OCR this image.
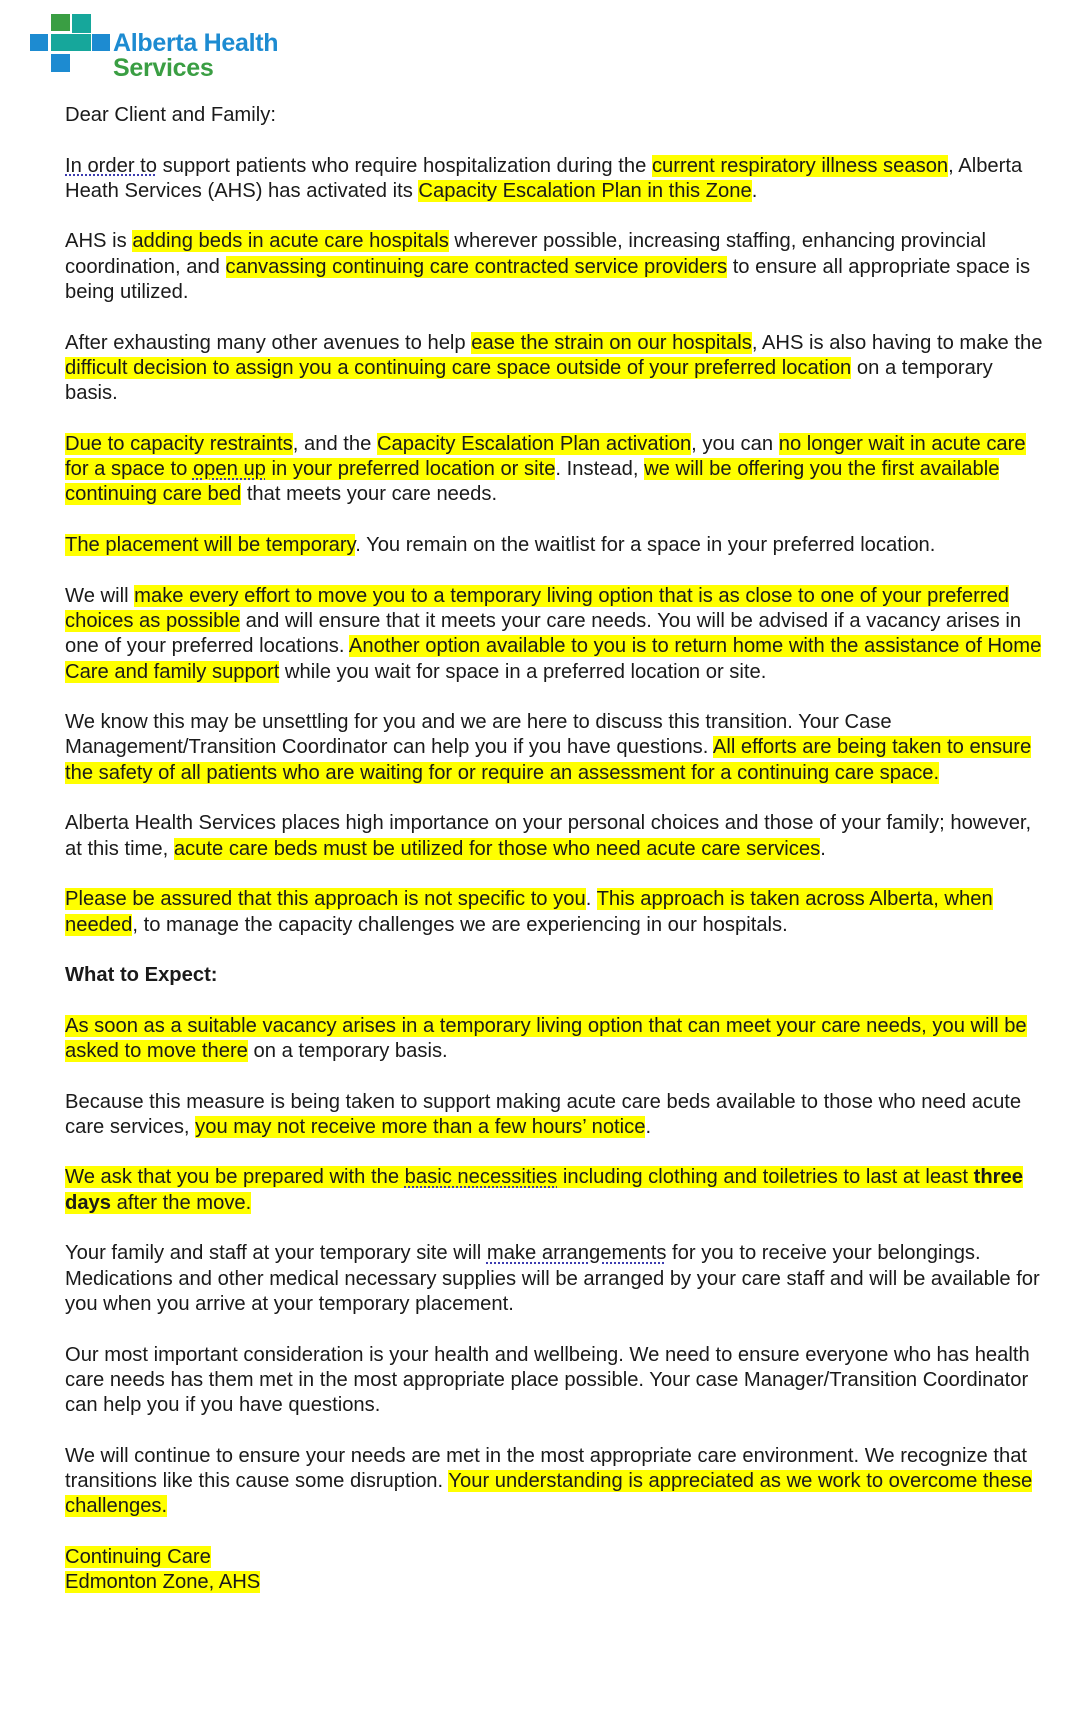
Alberta Health
Services

Dear Client and Family:

In order to support patients who require hospitalization during the current respiratory illness season, Alberta Heath Services (AHS) has activated its Capacity Escalation Plan in this Zone.

AHS is adding beds in acute care hospitals wherever possible, increasing staffing, enhancing provincial coordination, and canvassing continuing care contracted service providers to ensure all appropriate space is being utilized.

After exhausting many other avenues to help ease the strain on our hospitals, AHS is also having to make the difficult decision to assign you a continuing care space outside of your preferred location on a temporary basis.

Due to capacity restraints, and the Capacity Escalation Plan activation, you can no longer wait in acute care for a space to open up in your preferred location or site. Instead, we will be offering you the first available continuing care bed that meets your care needs.

The placement will be temporary. You remain on the waitlist for a space in your preferred location.

We will make every effort to move you to a temporary living option that is as close to one of your preferred choices as possible and will ensure that it meets your care needs. You will be advised if a vacancy arises in one of your preferred locations. Another option available to you is to return home with the assistance of Home Care and family support while you wait for space in a preferred location or site.

We know this may be unsettling for you and we are here to discuss this transition. Your Case Management/Transition Coordinator can help you if you have questions. All efforts are being taken to ensure the safety of all patients who are waiting for or require an assessment for a continuing care space.

Alberta Health Services places high importance on your personal choices and those of your family; however, at this time, acute care beds must be utilized for those who need acute care services.

Please be assured that this approach is not specific to you. This approach is taken across Alberta, when needed, to manage the capacity challenges we are experiencing in our hospitals.

What to Expect:

As soon as a suitable vacancy arises in a temporary living option that can meet your care needs, you will be asked to move there on a temporary basis.

Because this measure is being taken to support making acute care beds available to those who need acute care services, you may not receive more than a few hours’ notice.

We ask that you be prepared with the basic necessities including clothing and toiletries to last at least three days after the move.

Your family and staff at your temporary site will make arrangements for you to receive your belongings. Medications and other medical necessary supplies will be arranged by your care staff and will be available for you when you arrive at your temporary placement.

Our most important consideration is your health and wellbeing. We need to ensure everyone who has health care needs has them met in the most appropriate place possible. Your case Manager/Transition Coordinator can help you if you have questions.

We will continue to ensure your needs are met in the most appropriate care environment. We recognize that transitions like this cause some disruption. Your understanding is appreciated as we work to overcome these challenges.

Continuing Care
Edmonton Zone, AHS
